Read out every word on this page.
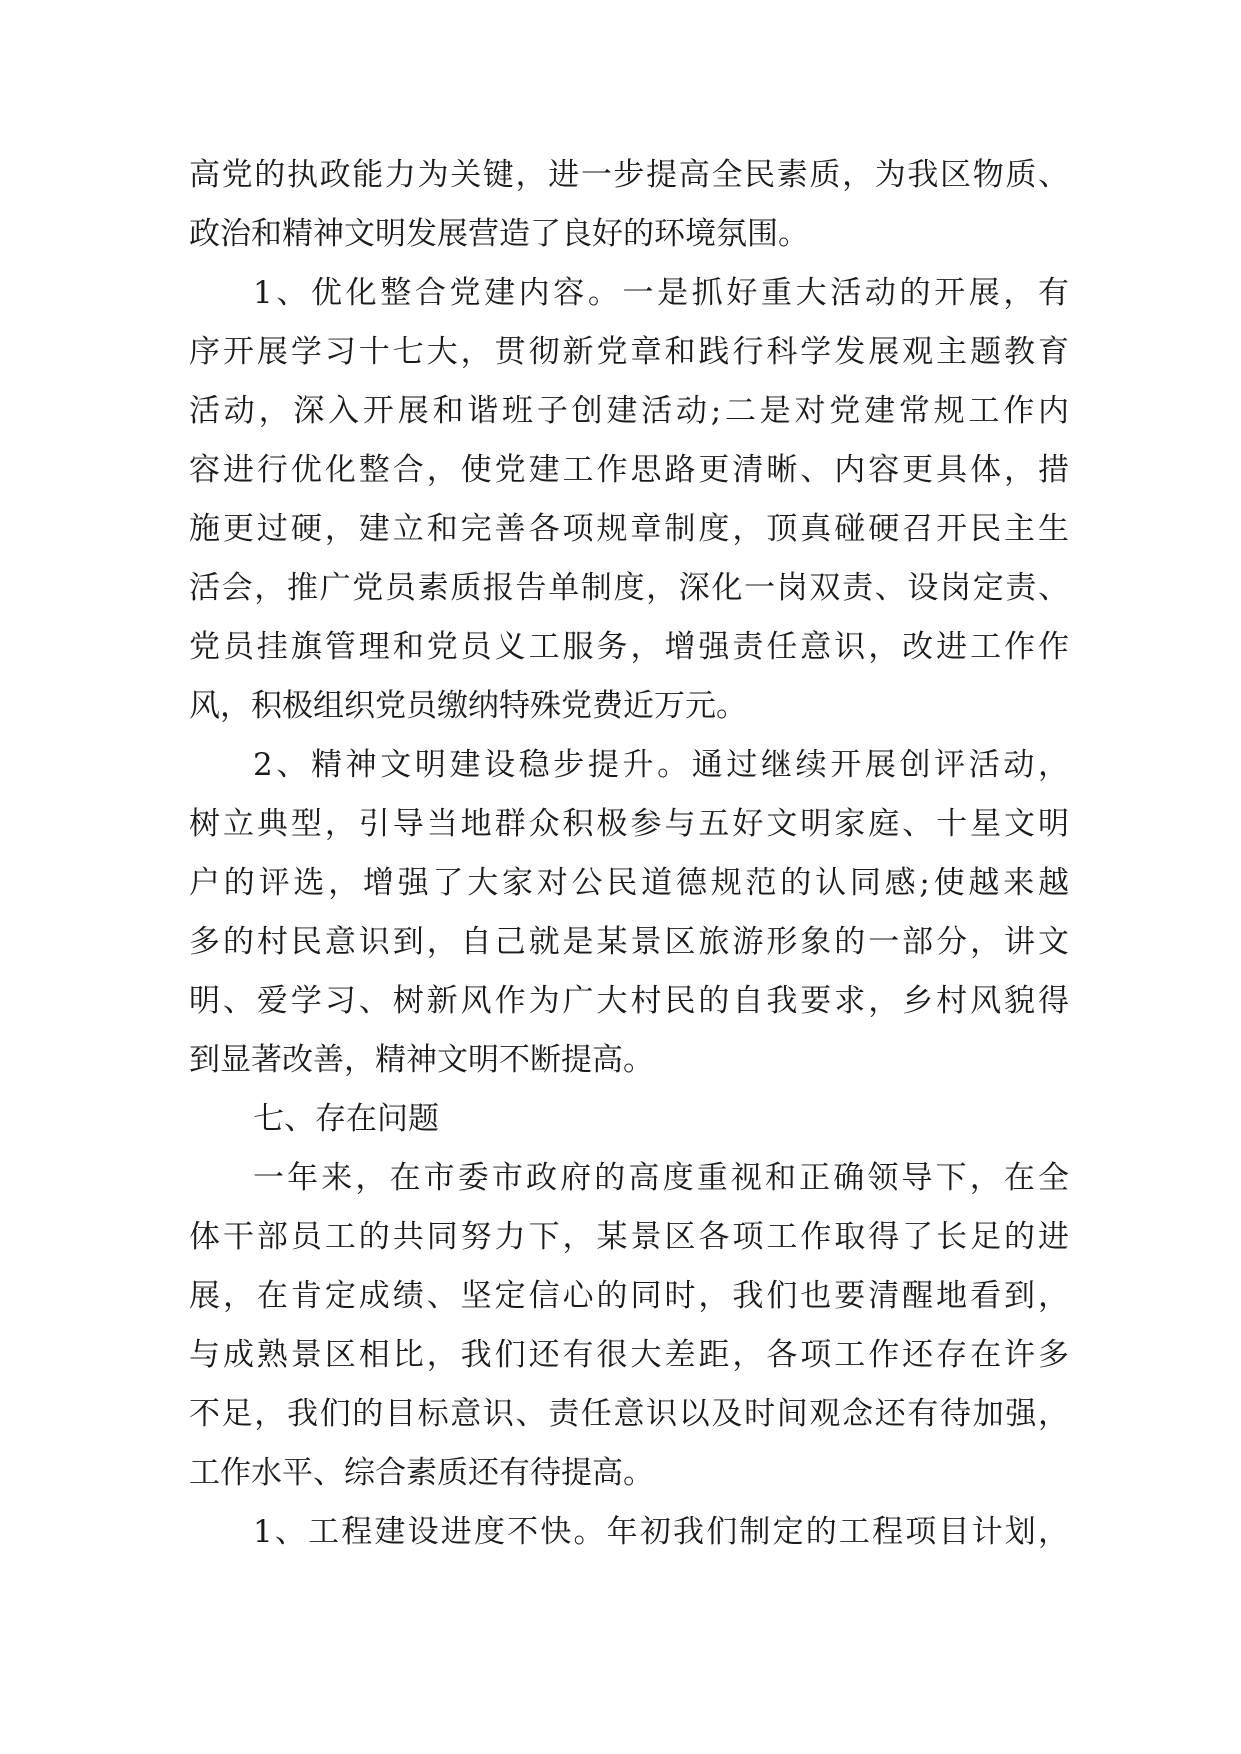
高党的执政能力为关键，进一步提高全民素质，为我区物质、
政治和精神文明发展营造了良好的环境氛围。
1、优化整合党建内容。一是抓好重大活动的开展，有
序开展学习十七大，贯彻新党章和践行科学发展观主题教育
活动，深入开展和谐班子创建活动;二是对党建常规工作内
容进行优化整合，使党建工作思路更清晰、内容更具体，措
施更过硬，建立和完善各项规章制度，顶真碰硬召开民主生
活会，推广党员素质报告单制度，深化一岗双责、设岗定责、
党员挂旗管理和党员义工服务，增强责任意识，改进工作作
风，积极组织党员缴纳特殊党费近万元。
2、精神文明建设稳步提升。通过继续开展创评活动，
树立典型，引导当地群众积极参与五好文明家庭、十星文明
户的评选，增强了大家对公民道德规范的认同感;使越来越
多的村民意识到，自己就是某景区旅游形象的一部分，讲文
明、爱学习、树新风作为广大村民的自我要求，乡村风貌得
到显著改善，精神文明不断提高。
七、存在问题
一年来，在市委市政府的高度重视和正确领导下，在全
体干部员工的共同努力下，某景区各项工作取得了长足的进
展，在肯定成绩、坚定信心的同时，我们也要清醒地看到，
与成熟景区相比，我们还有很大差距，各项工作还存在许多
不足，我们的目标意识、责任意识以及时间观念还有待加强，
工作水平、综合素质还有待提高。
1、工程建设进度不快。年初我们制定的工程项目计划，
